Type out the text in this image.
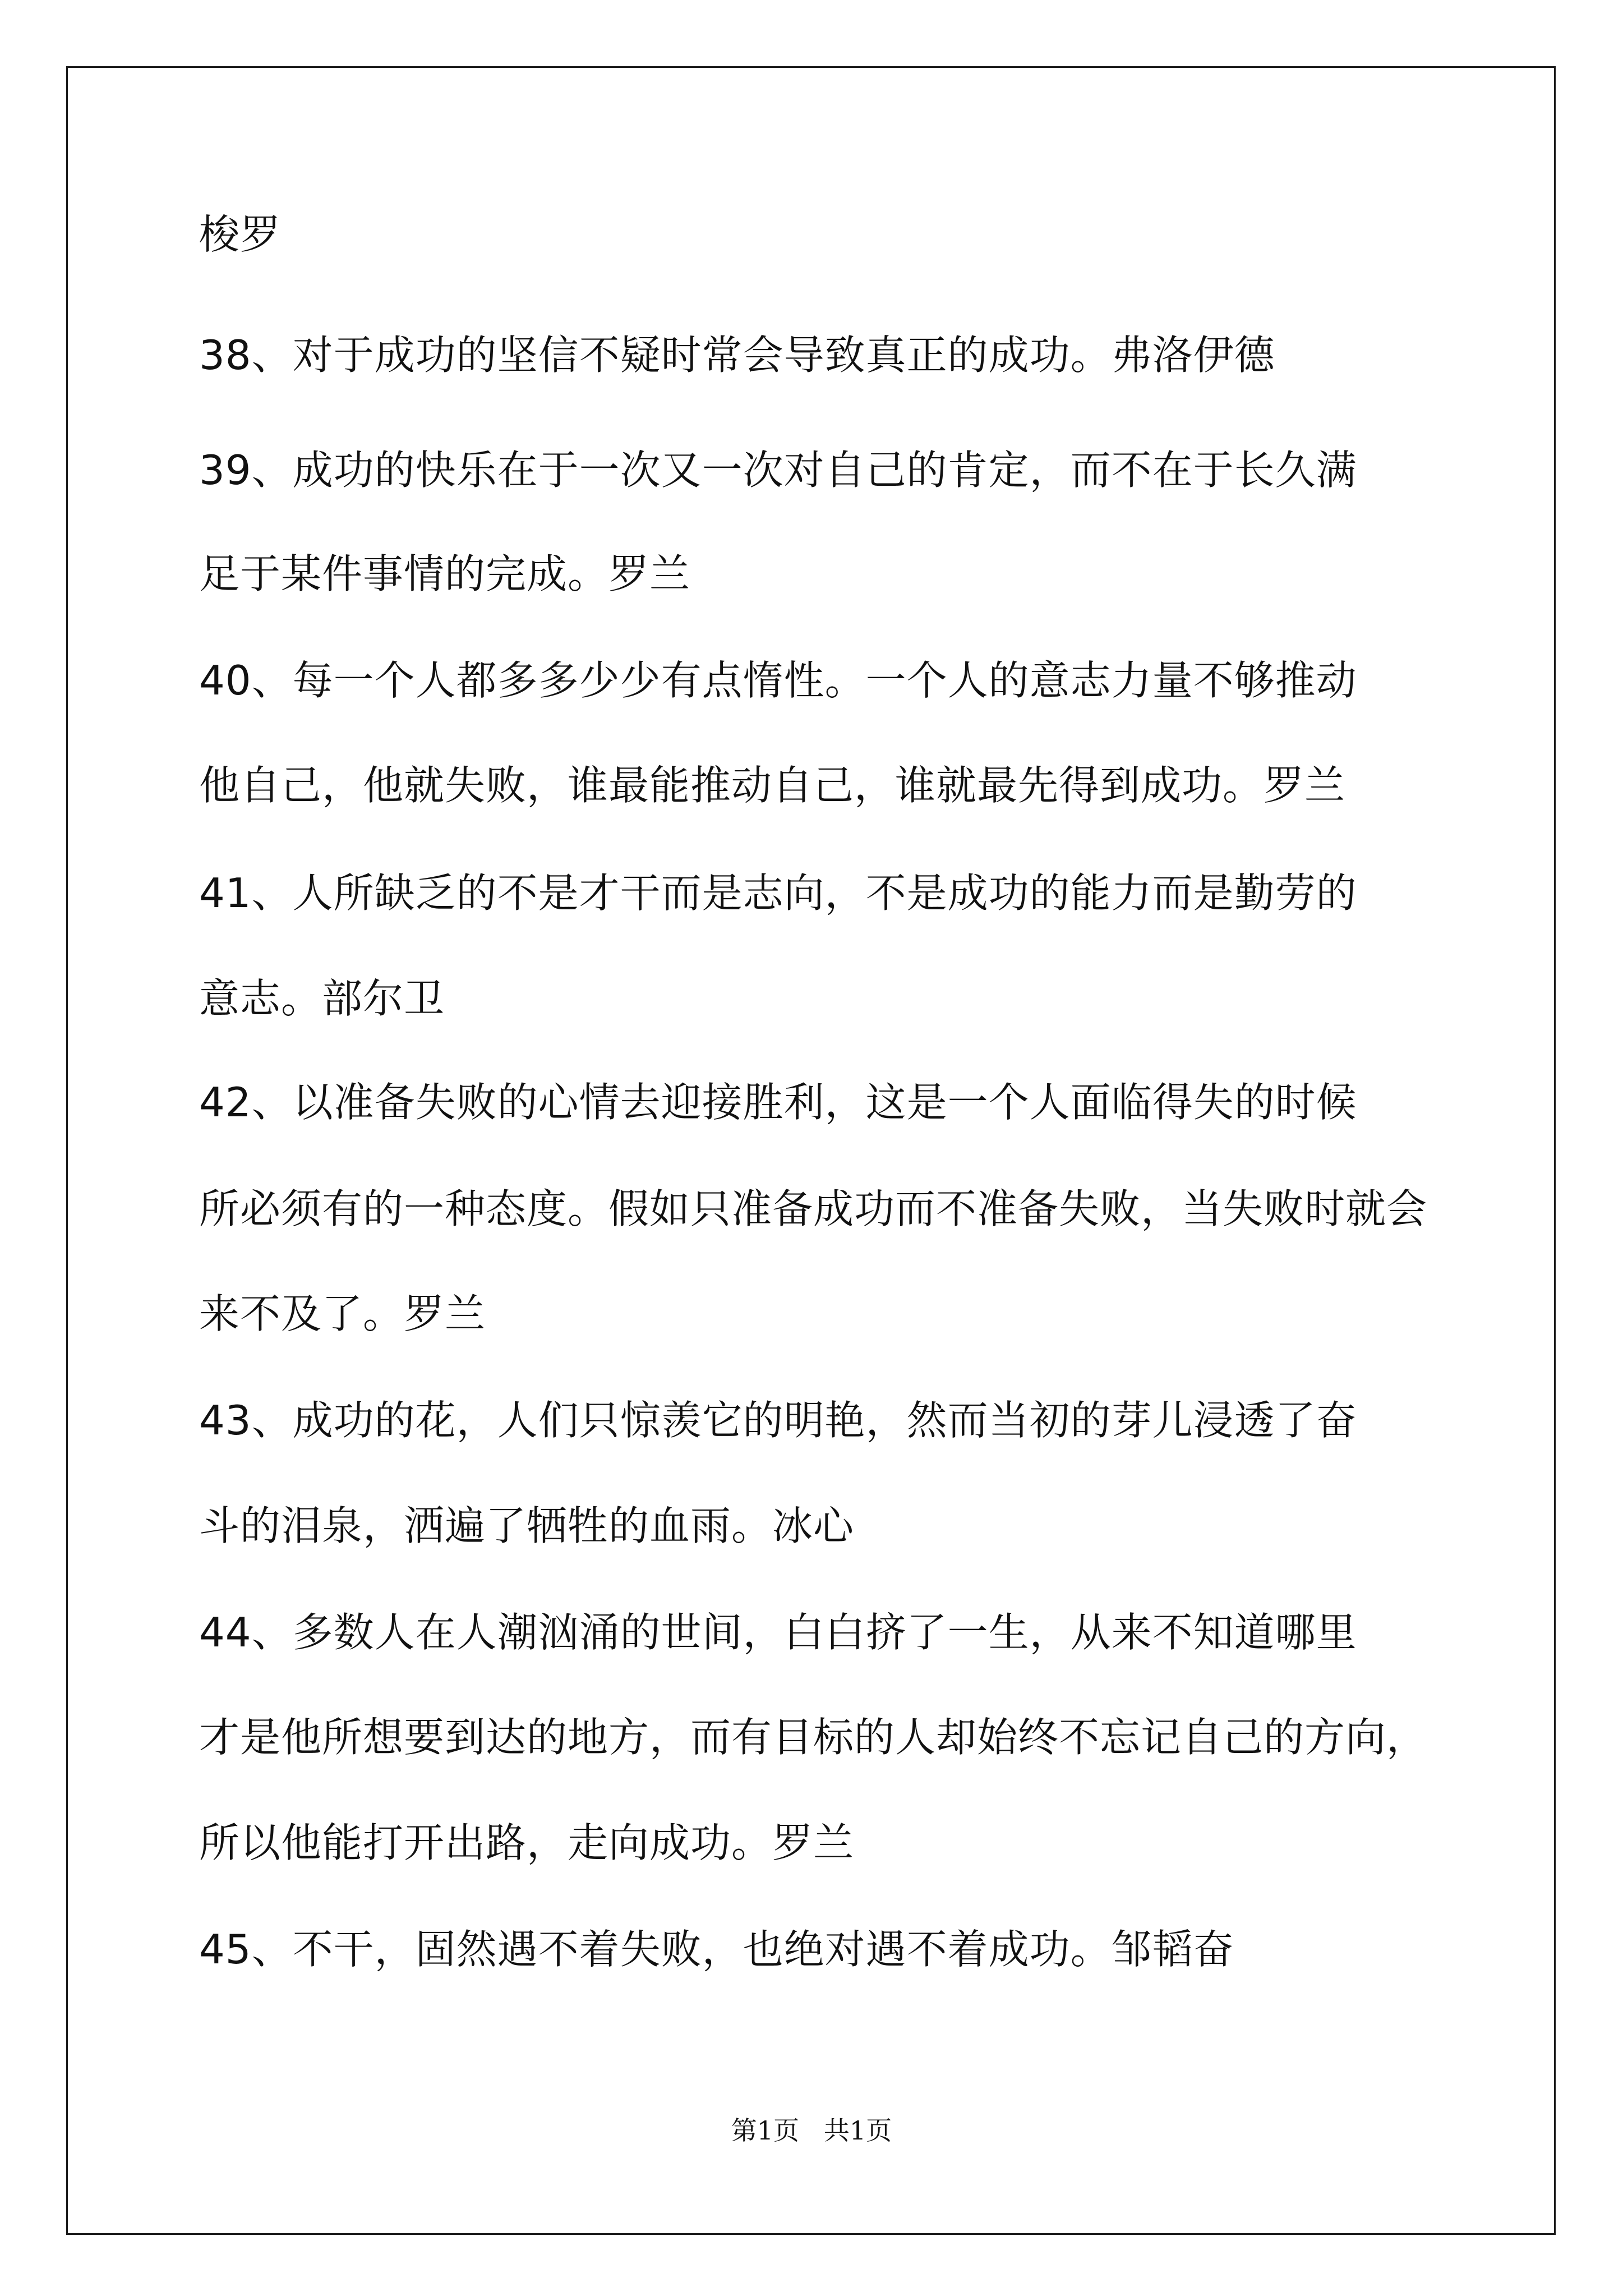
梭罗
38、对于成功的坚信不疑时常会导致真正的成功。弗洛伊德
39、成功的快乐在于一次又一次对自己的肯定，而不在于长久满
足于某件事情的完成。罗兰
40、每一个人都多多少少有点惰性。一个人的意志力量不够推动
他自己，他就失败，谁最能推动自己，谁就最先得到成功。罗兰
41、人所缺乏的不是才干而是志向，不是成功的能力而是勤劳的
意志。部尔卫
42、以准备失败的心情去迎接胜利，这是一个人面临得失的时候
所必须有的一种态度。假如只准备成功而不准备失败，当失败时就会
来不及了。罗兰
43、成功的花，人们只惊羡它的明艳，然而当初的芽儿浸透了奋
斗的泪泉，洒遍了牺牲的血雨。冰心
44、多数人在人潮汹涌的世间，白白挤了一生，从来不知道哪里
才是他所想要到达的地方，而有目标的人却始终不忘记自己的方向，
所以他能打开出路，走向成功。罗兰
45、不干，固然遇不着失败，也绝对遇不着成功。邹韬奋
第1页   共1页
